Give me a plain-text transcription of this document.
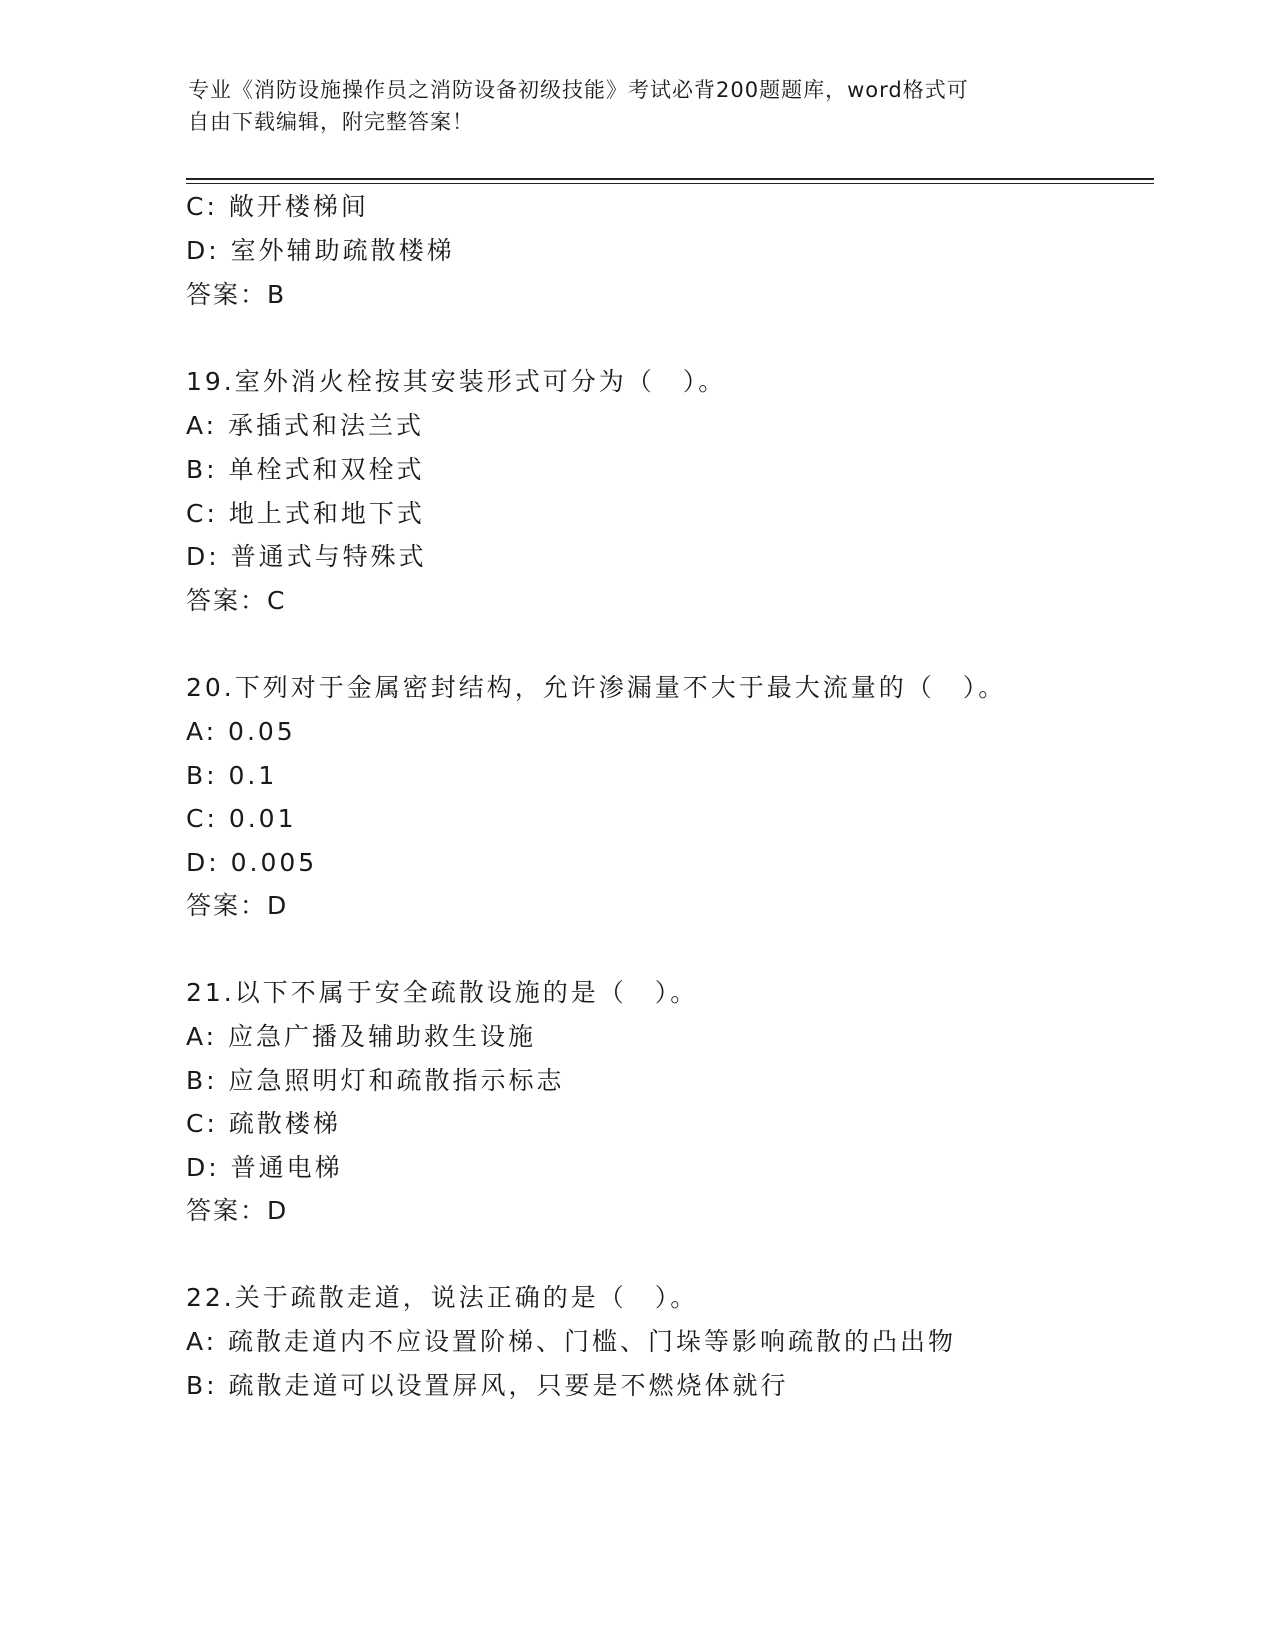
专业《消防设施操作员之消防设备初级技能》考试必背200题题库，word格式可
自由下载编辑，附完整答案！
C: 敞开楼梯间
D: 室外辅助疏散楼梯
答案：B
19.室外消火栓按其安装形式可分为（　）。
A: 承插式和法兰式
B: 单栓式和双栓式
C: 地上式和地下式
D: 普通式与特殊式
答案：C
20.下列对于金属密封结构，允许渗漏量不大于最大流量的（　）。
A: 0.05
B: 0.1
C: 0.01
D: 0.005
答案：D
21.以下不属于安全疏散设施的是（　）。
A: 应急广播及辅助救生设施
B: 应急照明灯和疏散指示标志
C: 疏散楼梯
D: 普通电梯
答案：D
22.关于疏散走道，说法正确的是（　）。
A: 疏散走道内不应设置阶梯、门槛、门垛等影响疏散的凸出物
B: 疏散走道可以设置屏风，只要是不燃烧体就行
